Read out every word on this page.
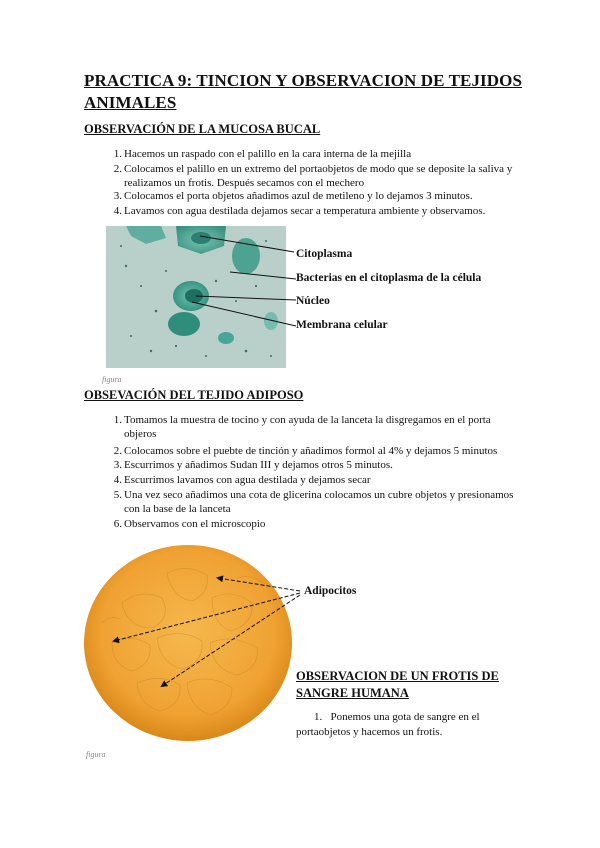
PRACTICA 9: TINCION Y OBSERVACION DE TEJIDOS ANIMALES
OBSERVACIÓN DE LA MUCOSA BUCAL
1. Hacemos un raspado con el palillo en la cara interna de la mejilla
2. Colocamos el palillo en un extremo del portaobjetos de modo que se deposite la saliva y
realizamos un frotis. Después secamos con el mechero
3. Colocamos el porta objetos añadimos azul de metileno y lo dejamos 3 minutos.
4. Lavamos con agua destilada dejamos secar a temperatura ambiente y observamos.
Citoplasma
Bacterias en el citoplasma de la célula
Núcleo
Membrana celular
figura
OBSEVACIÓN DEL TEJIDO ADIPOSO
1. Tomamos la muestra de tocino y con ayuda de la lanceta la disgregamos en el porta
objeros
2. Colocamos sobre el puebte de tinción y añadimos formol al 4% y dejamos 5 minutos
3. Escurrimos y añadimos Sudan III y dejamos otros 5 minutos.
4. Escurrimos lavamos con agua destilada y dejamos secar
5. Una vez seco añadimos una cota de glicerina colocamos un cubre objetos y presionamos
con la base de la lanceta
6. Observamos con el microscopio
Adipocitos
figura
OBSERVACION DE UN FROTIS DE SANGRE HUMANA
1. Ponemos una gota de sangre en el
portaobjetos y hacemos un frotis.
